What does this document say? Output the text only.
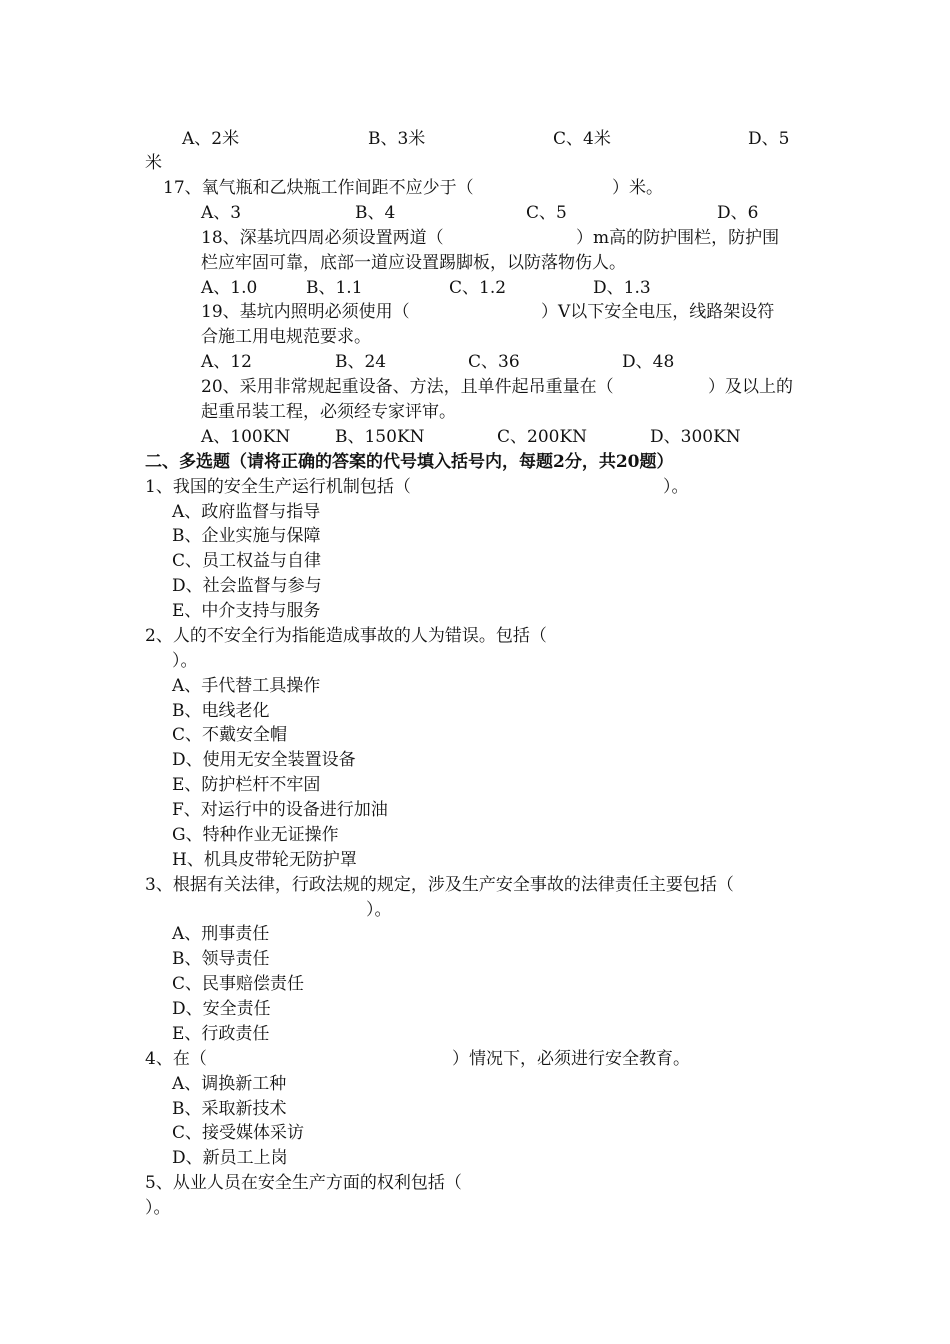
A、2米	B、3米	C、4米	D、5
米
17、氧气瓶和乙炔瓶工作间距不应少于（	）米。
A、3	B、4	C、5	D、6
18、深基坑四周必须设置两道（	）m高的防护围栏，防护围
栏应牢固可靠，底部一道应设置踢脚板，以防落物伤人。
A、1.0	B、1.1	C、1.2	D、1.3
19、基坑内照明必须使用（	）V以下安全电压，线路架设符
合施工用电规范要求。
A、12	B、24	C、36	D、48
20、采用非常规起重设备、方法，且单件起吊重量在（	）及以上的
起重吊装工程，必须经专家评审。
A、100KN	B、150KN	C、200KN	D、300KN
二、多选题（请将正确的答案的代号填入括号内，每题2分，共20题）
1、我国的安全生产运行机制包括（	）。
A、政府监督与指导
B、企业实施与保障
C、员工权益与自律
D、社会监督与参与
E、中介支持与服务
2、人的不安全行为指能造成事故的人为错误。包括（
）。
A、手代替工具操作
B、电线老化
C、不戴安全帽
D、使用无安全装置设备
E、防护栏杆不牢固
F、对运行中的设备进行加油
G、特种作业无证操作
H、机具皮带轮无防护罩
3、根据有关法律，行政法规的规定，涉及生产安全事故的法律责任主要包括（
）。
A、刑事责任
B、领导责任
C、民事赔偿责任
D、安全责任
E、行政责任
4、在（	）情况下，必须进行安全教育。
A、调换新工种
B、采取新技术
C、接受媒体采访
D、新员工上岗
5、从业人员在安全生产方面的权利包括（
）。
